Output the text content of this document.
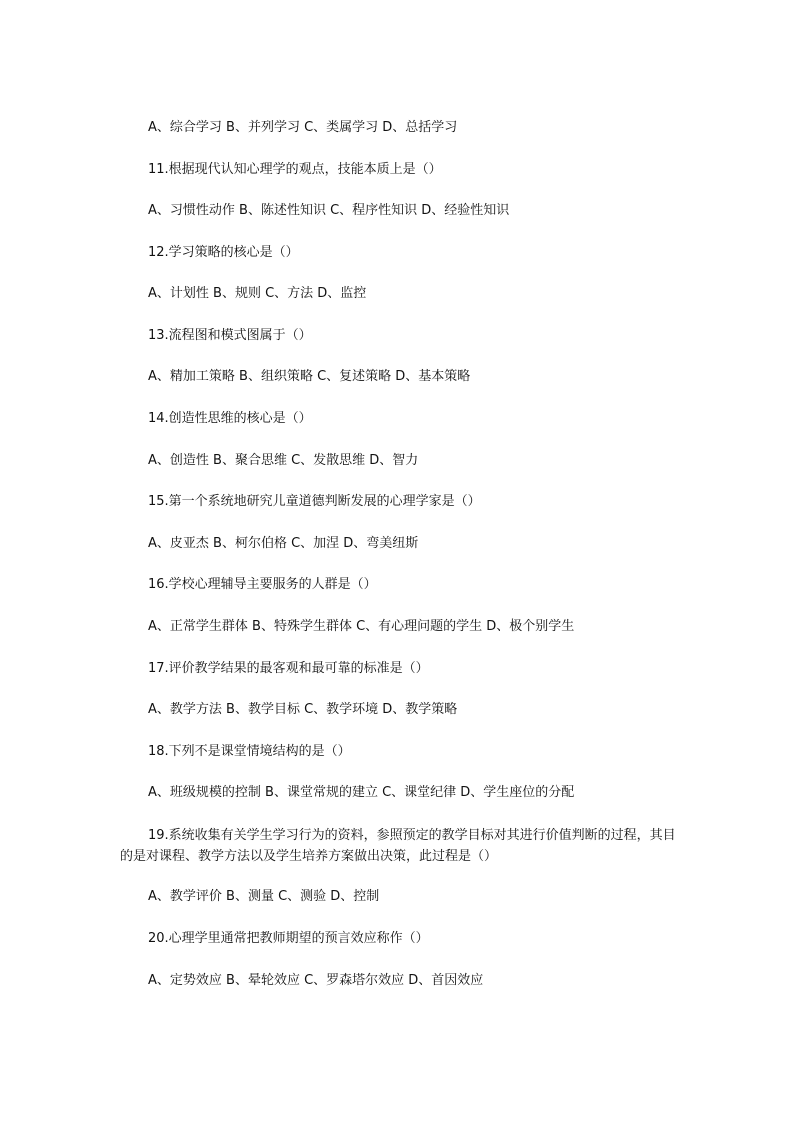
A、综合学习 B、并列学习 C、类属学习 D、总括学习
11.根据现代认知心理学的观点，技能本质上是（）
A、习惯性动作 B、陈述性知识 C、程序性知识 D、经验性知识
12.学习策略的核心是（）
A、计划性 B、规则 C、方法 D、监控
13.流程图和模式图属于（）
A、精加工策略 B、组织策略 C、复述策略 D、基本策略
14.创造性思维的核心是（）
A、创造性 B、聚合思维 C、发散思维 D、智力
15.第一个系统地研究儿童道德判断发展的心理学家是（）
A、皮亚杰 B、柯尔伯格 C、加涅 D、弯美纽斯
16.学校心理辅导主要服务的人群是（）
A、正常学生群体 B、特殊学生群体 C、有心理问题的学生 D、极个别学生
17.评价教学结果的最客观和最可靠的标准是（）
A、教学方法 B、教学目标 C、教学环境 D、教学策略
18.下列不是课堂情境结构的是（）
A、班级规模的控制 B、课堂常规的建立 C、课堂纪律 D、学生座位的分配
19.系统收集有关学生学习行为的资料，参照预定的教学目标对其进行价值判断的过程，其目的是对课程、教学方法以及学生培养方案做出决策，此过程是（）
A、教学评价 B、测量 C、测验 D、控制
20.心理学里通常把教师期望的预言效应称作（）
A、定势效应 B、晕轮效应 C、罗森塔尔效应 D、首因效应
